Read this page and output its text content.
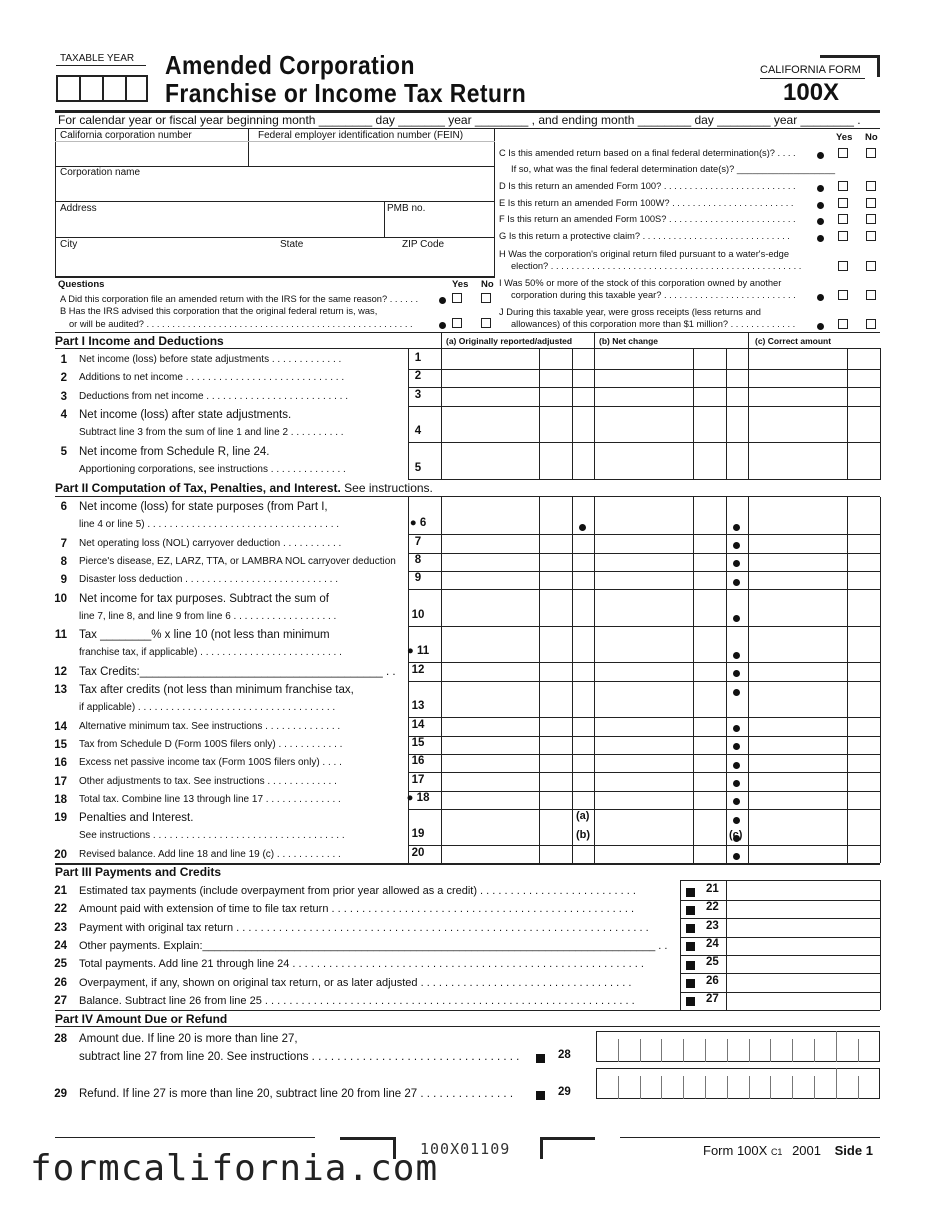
TAXABLE YEAR Amended Corporation
Franchise or Income Tax Return
CALIFORNIA FORM
100X
For calendar year or fiscal year beginning month ________ day _______ year ________ , and ending month ________ day ________ year ________ .
California corporation number	Federal employer identification number (FEIN)
Corporation name
Address	PMB no.
City	State	ZIP Code
Questions	Yes No
A Did this corporation file an amended return with the IRS for the same reason? . . . . . .
B Has the IRS advised this corporation that the original federal return is, was,
or will be audited? . . . . . . . . . . . . . . . . . . . . . . . . . . . . . . . . . . . . . . . . . . . . . . . . . . . .
Yes No
C Is this amended return based on a final federal determination(s)? . . . .
If so, what was the final federal determination date(s)? ___________________
D Is this return an amended Form 100? . . . . . . . . . . . . . . . . . . . . . . . . . .
E Is this return an amended Form 100W? . . . . . . . . . . . . . . . . . . . . . . . .
F Is this return an amended Form 100S? . . . . . . . . . . . . . . . . . . . . . . . . .
G Is this return a protective claim? . . . . . . . . . . . . . . . . . . . . . . . . . . . . .
H Was the corporation's original return filed pursuant to a water's-edge
election? . . . . . . . . . . . . . . . . . . . . . . . . . . . . . . . . . . . . . . . . . . . . . . . . .
I Was 50% or more of the stock of this corporation owned by another
corporation during this taxable year? . . . . . . . . . . . . . . . . . . . . . . . . . .
J During this taxable year, were gross receipts (less returns and
allowances) of this corporation more than $1 million? . . . . . . . . . . . . .
(a) Originally reported/adjusted	(b) Net change	(c) Correct amount
Part I Income and Deductions
1 Net income (loss) before state adjustments . . . . . . . . . . . . .	1
2 Additions to net income . . . . . . . . . . . . . . . . . . . . . . . . . . . . .	2
3 Deductions from net income . . . . . . . . . . . . . . . . . . . . . . . . . .	3
4 Net income (loss) after state adjustments.
Subtract line 3 from the sum of line 1 and line 2 . . . . . . . . . .	4
5 Net income from Schedule R, line 24.
Apportioning corporations, see instructions . . . . . . . . . . . . . .	5
Part II Computation of Tax, Penalties, and Interest. See instructions.
6 Net income (loss) for state purposes (from Part I,
line 4 or line 5) . . . . . . . . . . . . . . . . . . . . . . . . . . . . . . . . . . .	● 6
7 Net operating loss (NOL) carryover deduction . . . . . . . . . . .	7
8 Pierce's disease, EZ, LARZ, TTA, or LAMBRA NOL carryover deduction	8
9 Disaster loss deduction . . . . . . . . . . . . . . . . . . . . . . . . . . . .	9
10 Net income for tax purposes. Subtract the sum of
line 7, line 8, and line 9 from line 6 . . . . . . . . . . . . . . . . . . .	10
11 Tax ________% x line 10 (not less than minimum
franchise tax, if applicable) . . . . . . . . . . . . . . . . . . . . . . . . . .	● 11
12 Tax Credits:______________________________________ . .	12
13 Tax after credits (not less than minimum franchise tax,
if applicable) . . . . . . . . . . . . . . . . . . . . . . . . . . . . . . . . . . . .	13
14 Alternative minimum tax. See instructions . . . . . . . . . . . . . .	14
15 Tax from Schedule D (Form 100S filers only) . . . . . . . . . . . .	15
16 Excess net passive income tax (Form 100S filers only) . . . .	16
17 Other adjustments to tax. See instructions . . . . . . . . . . . . .	17
18 Total tax. Combine line 13 through line 17 . . . . . . . . . . . . . .	● 18
19 Penalties and Interest.
See instructions . . . . . . . . . . . . . . . . . . . . . . . . . . . . . . . . . . .	19
20 Revised balance. Add line 18 and line 19 (c) . . . . . . . . . . . .	20
(a)
(b)	(c)
Part III Payments and Credits
21 Estimated tax payments (include overpayment from prior year allowed as a credit) . . . . . . . . . . . . . . . . . . . . . . . . . .	21
22 Amount paid with extension of time to file tax return . . . . . . . . . . . . . . . . . . . . . . . . . . . . . . . . . . . . . . . . . . . . . . . . . .	22
23 Payment with original tax return . . . . . . . . . . . . . . . . . . . . . . . . . . . . . . . . . . . . . . . . . . . . . . . . . . . . . . . . . . . . . . . . . . . .	23
24 Other payments. Explain:__________________________________________________________________________ . .	24
25 Total payments. Add line 21 through line 24 . . . . . . . . . . . . . . . . . . . . . . . . . . . . . . . . . . . . . . . . . . . . . . . . . . . . . . . . . .	25
26 Overpayment, if any, shown on original tax return, or as later adjusted . . . . . . . . . . . . . . . . . . . . . . . . . . . . . . . . . . .	26
27 Balance. Subtract line 26 from line 25 . . . . . . . . . . . . . . . . . . . . . . . . . . . . . . . . . . . . . . . . . . . . . . . . . . . . . . . . . . . . .	27
Part IV Amount Due or Refund
28 Amount due. If line 20 is more than line 27,
subtract line 27 from line 20. See instructions . . . . . . . . . . . . . . . . . . . . . . . . . . . . . . . . .	28
29 Refund. If line 27 is more than line 20, subtract line 20 from line 27 . . . . . . . . . . . . . . .	29
100X01109	Form 100X C1 2001 Side 1
formcalifornia.com
